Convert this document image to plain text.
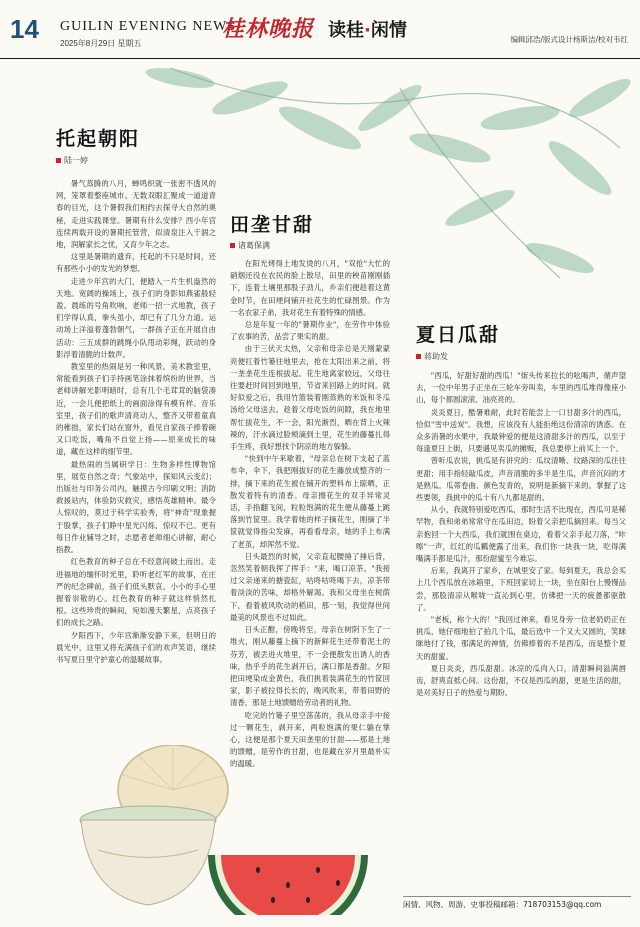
14 GUILIN EVENING NEWS
2025年8月29日 星期五
桂林晚报 读桂·闲情	编辑邱浩/版式设计杨斯洁/校对韦红
托起朝阳
陆一婷

暑气蒸腾的八月，蝉鸣织就一张密不透风的网，笼罩着整座城市。无数双眼汇聚成一道道青春的目光，这个暑假我们相约去探寻大自然的奥秘，走进实践课堂。暑期有什么安排？西小年宫连续两载开设的暑期托管营，似清泉注入干涸之地，润解家长之忧，又育少年之志。

这里是暑期的遗弃，托起的不只是时间，还有那些小小的发光的梦想。

走进少年宫的大门，便踏入一片生机盎然的天地。宽阔的操场上，孩子们的身影如燕雀般轻盈。晨练的号角吹响，老师一招一式地教，孩子们学得认真，拳头虽小，却已有了几分力道。运动场上洋溢着蓬勃朝气，一群孩子正在开展自由活动：三五成群的跳绳小队甩动彩绳，跃动的身影浮着清脆的计数声。

教室里的热闹是另一种风景。美术教室里，常能看到孩子们手持画笔涂抹着缤纷的世界，当老师讲解光影明暗时，总有几个毛茸茸的脑袋凑近，一会儿便把纸上的画面涂得有模有样。音乐室里，孩子们的歌声清亮动人，整齐又带着童真的稚拙，家长们站在窗外，看见自家孩子捧着碗又口吃饭，嘴角不自觉上扬——原来成长的味道，藏在这样的细节里。

最热闹的当属研学日：生物多样性博物馆里，展览自然之奇；气象站中，探知风云变幻；出版社与印务公司内，触摸古今印刷文明；消防救援站内，体验防灾救灾，感悟英雄精神。最令人惊叹的，莫过于科学实验秀，将"神奇"现象握于股掌，孩子们睁中星光闪烁，惊叹不已。更有每日作业辅导之时，志愿者老师细心讲解，耐心指教。

红色教育的种子总在不经意间破土而出。走进福地的缅怀时光里，聆听老红军的故事，在庄严的纪念碑前，孩子们低头默哀，小小的手心里握着崇敬的心。红色教育的种子就这样悄然扎根。这些珍贵的瞬间，宛如漫天繁星，点亮孩子们的成长之路。

夕阳西下，少年宫渐渐安静下来，但明日的晨光中，这里又将充满孩子们的欢声笑语，继续书写夏日里守护童心的温暖故事。

田垄甘甜
诸葛保满

在阳光烤得土地发烫的八月，"双抢"大忙的硝烟还没在农民的脸上散尽，田里的秧苗刚刚插下，连着土壤里那股子劲儿，乡亲们便趁着这黄金时节，在田埂间铺开社花生的忙碌图景。作为一名农家子弟，我对花生有着特殊的情感。

总是年复一年的"暑期作业"，在劳作中体验了农事的苦，品尝了果实的甜。

由于三伏天太热，父亲和母亲总是天刚蒙蒙亮便扛着竹篓往地里去，抢在太阳出来之前，将一垄垄花生连根拔起。花生地离家较远，父母往往要赶时间回到地里，节省来回路上的时间。就好似爱之后，我用竹篮装着刚蒸熟的米饭和冬瓜汤给父母送去。趁着父母吃饭的间隙，我在地里帮忙拔花生，不一会，阳光渐烈，晒在背上火辣辣的，汗水滴过脸颊滴到土里，花生的藤蔓扎得手生疼，我好想找个阴凉的地方躲躲。

"快到中午来歇着，"母亲总在树下支起了蓝布伞，伞下，我把刚拔好的花生藤放成整齐的一排，摘下来的花生被在铺开的塑料布上晾晒，正散发着特有的清香。母亲擦花生的双手异常灵活，手指翻飞间，粒粒饱满的花生便从藤蔓上跳落到竹筐里。我学着她的样子摘花生，刚摘了半筐就觉得指尖发麻，再看看母亲，她的手上布满了老茧，却浑然不觉。

日头最烈的时候，父亲直起腰捶了捶后背，忽然笑着朝我挥了挥手："来，喝口凉茶。"我接过父亲递来的搪瓷缸，咕咚咕咚喝下去，凉茶带着淡淡的苦味，却格外解渴。我和父母坐在树荫下，看着被风吹动的稻田，那一刻，我觉得世间最美的风景也不过如此。

日头正酣，傍晚将至，母亲在树阴下生了一堆火，刚从藤蔓上摘下的新鲜花生还带着泥土的芬芳，被丢进火堆里，不一会便散发出诱人的香味，热乎乎的花生剥开后，满口都是香甜。夕阳把田埂染成金黄色，我们挑着装满花生的竹筐回家，影子被拉得长长的，晚风吹来，带着田野的清香，那是土地馈赠给劳动者的礼物。

吃完的竹篓子里空荡荡的，我从母亲手中接过一颗花生，剥开来，两粒饱满的果仁躺在掌心，这便是那个夏天田垄里的甘甜——那是土地的馈赠，是劳作的甘甜，也是藏在岁月里最朴实的温暖。

夏日瓜甜
蒋助发

"西瓜，好甜好甜的西瓜！"街头传来拉长的吆喝声，循声望去，一位中年男子正坐在三轮车旁叫卖，车里的西瓜堆得像座小山，每个都圆滚滚、油亮亮的。

炎炎夏日，酷暑难耐，此时若能尝上一口甘甜多汁的西瓜，恰似"雪中送炭"。我想，应该没有人能拒绝这份清凉的诱惑。在众多消暑的水果中，我最钟爱的便是这清甜多汁的西瓜，以至于每逢夏日上街，只要遇见卖瓜的摊贩，我总要停上前买上一个。

曾听瓜农说，挑瓜是有讲究的：瓜纹清晰、纹路深的瓜往往更甜；用手指轻敲瓜皮，声音清脆的多半是生瓜，声音沉闷的才是熟瓜。瓜蒂卷曲、颜色发青的，说明是新摘下来的。掌握了这些要领，我挑中的瓜十有八九都是甜的。

从小，我就特别爱吃西瓜，那时生活不比现在，西瓜可是稀罕物，我和弟弟常常守在瓜田边，盼着父亲把瓜摘回来。每当父亲抱回一个大西瓜，我们就围在桌边，看着父亲手起刀落，"咔嚓"一声，红红的瓜瓤便露了出来，我们你一块我一块，吃得满嘴满手都是瓜汁，那份甜蜜至今难忘。

后来，我离开了家乡，在城里安了家。每到夏天，我总会买上几个西瓜放在冰箱里，下班回家切上一块，坐在阳台上慢慢品尝，那股清凉从喉咙一直沁到心里，仿佛把一天的疲惫都驱散了。

"老板，称个大的！"我回过神来，看见身旁一位老奶奶正在挑瓜，她仔细地拍了拍几个瓜，最后选中一个又大又圆的，笑眯眯地付了钱，那满足的神情，仿佛捧着的不是西瓜，而是整个夏天的甜蜜。

夏日炎炎，西瓜甜甜。冰凉的瓜肉入口，清甜瞬间溢满唇齿，舒爽直抵心间。这份甜，不仅是西瓜的甜，更是生活的甜，是对美好日子的热爱与期盼。

闲情、风物、周游、史事投稿邮箱：718703153@qq.com
